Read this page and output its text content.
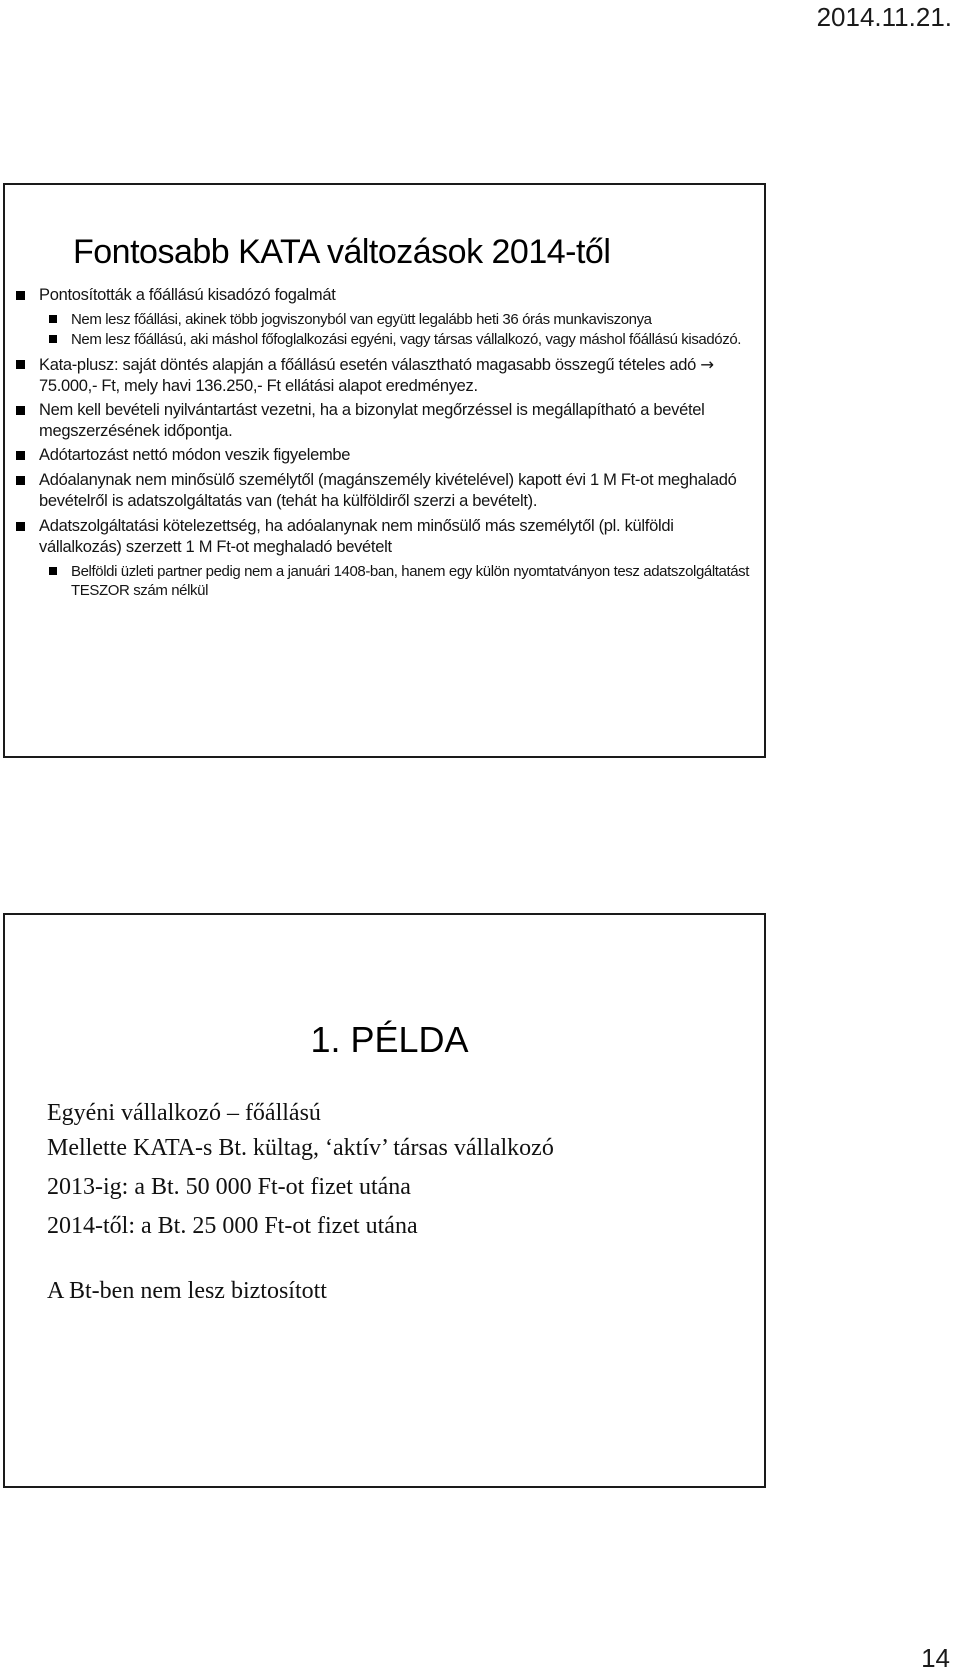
2014.11.21.
Fontosabb KATA változások 2014-től
Pontosították a főállású kisadózó fogalmát
Nem lesz főállási, akinek több jogviszonyból van együtt legalább heti 36 órás munkaviszonya
Nem lesz főállású, aki máshol főfoglalkozási egyéni, vagy társas vállalkozó, vagy máshol főállású kisadózó.
Kata-plusz: saját döntés alapján a főállású esetén választható magasabb összegű tételes adó → 75.000,- Ft, mely havi 136.250,- Ft ellátási alapot eredményez.
Nem kell bevételi nyilvántartást vezetni, ha a bizonylat megőrzéssel is megállapítható a bevétel megszerzésének időpontja.
Adótartozást nettó módon veszik figyelembe
Adóalanynak nem minősülő személytől (magánszemély kivételével) kapott évi 1 M Ft-ot meghaladó bevételről is adatszolgáltatás van (tehát ha külföldiről szerzi a bevételt).
Adatszolgáltatási kötelezettség, ha adóalanynak nem minősülő más személytől (pl. külföldi vállalkozás) szerzett 1 M Ft-ot meghaladó bevételt
Belföldi üzleti partner pedig nem a januári 1408-ban, hanem egy külön nyomtatványon tesz adatszolgáltatást TESZOR szám nélkül
1. PÉLDA

Egyéni vállalkozó – főállású

Mellette KATA-s Bt. kültag, ‘aktív’ társas vállalkozó

2013-ig: a Bt. 50 000 Ft-ot fizet utána

2014-től: a Bt. 25 000 Ft-ot fizet utána

A Bt-ben nem lesz biztosított

14
